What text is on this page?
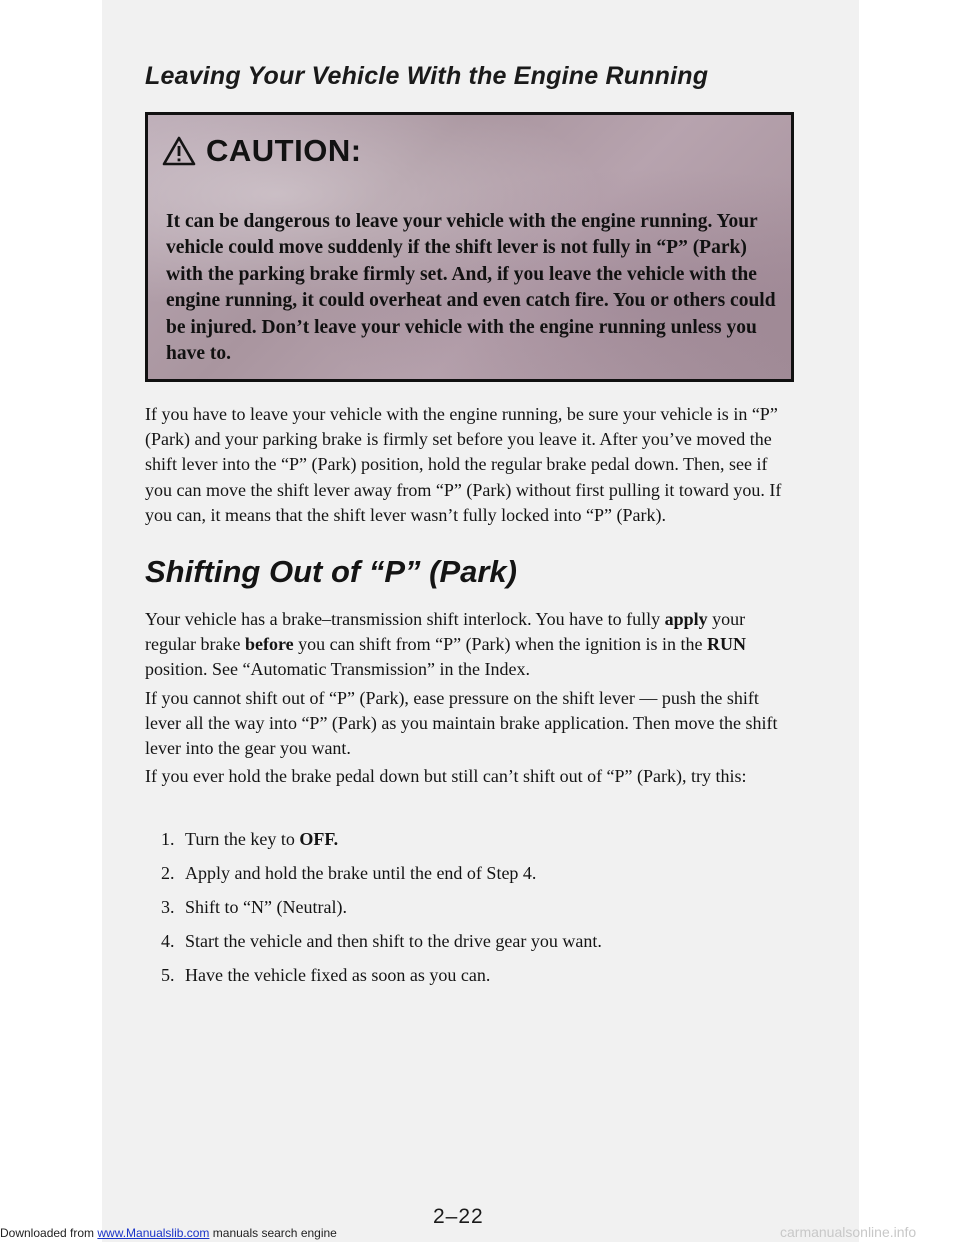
Leaving Your Vehicle With the Engine Running
CAUTION:

It can be dangerous to leave your vehicle with the engine running. Your vehicle could move suddenly if the shift lever is not fully in “P” (Park) with the parking brake firmly set. And, if you leave the vehicle with the engine running, it could overheat and even catch fire. You or others could be injured. Don’t leave your vehicle with the engine running unless you have to.

If you have to leave your vehicle with the engine running, be sure your vehicle is in “P” (Park) and your parking brake is firmly set before you leave it. After you’ve moved the shift lever into the “P” (Park) position, hold the regular brake pedal down. Then, see if you can move the shift lever away from “P” (Park) without first pulling it toward you. If you can, it means that the shift lever wasn’t fully locked into “P” (Park).

Shifting Out of “P” (Park)

Your vehicle has a brake–transmission shift interlock. You have to fully apply your regular brake before you can shift from “P” (Park) when the ignition is in the RUN position. See “Automatic Transmission” in the Index.

If you cannot shift out of “P” (Park), ease pressure on the shift lever — push the shift lever all the way into “P” (Park) as you maintain brake application. Then move the shift lever into the gear you want.

If you ever hold the brake pedal down but still can’t shift out of “P” (Park), try this:

1. Turn the key to OFF.
2. Apply and hold the brake until the end of Step 4.
3. Shift to “N” (Neutral).
4. Start the vehicle and then shift to the drive gear you want.
5. Have the vehicle fixed as soon as you can.
2–22
Downloaded from www.Manualslib.com manuals search engine	carmanualsonline.info
